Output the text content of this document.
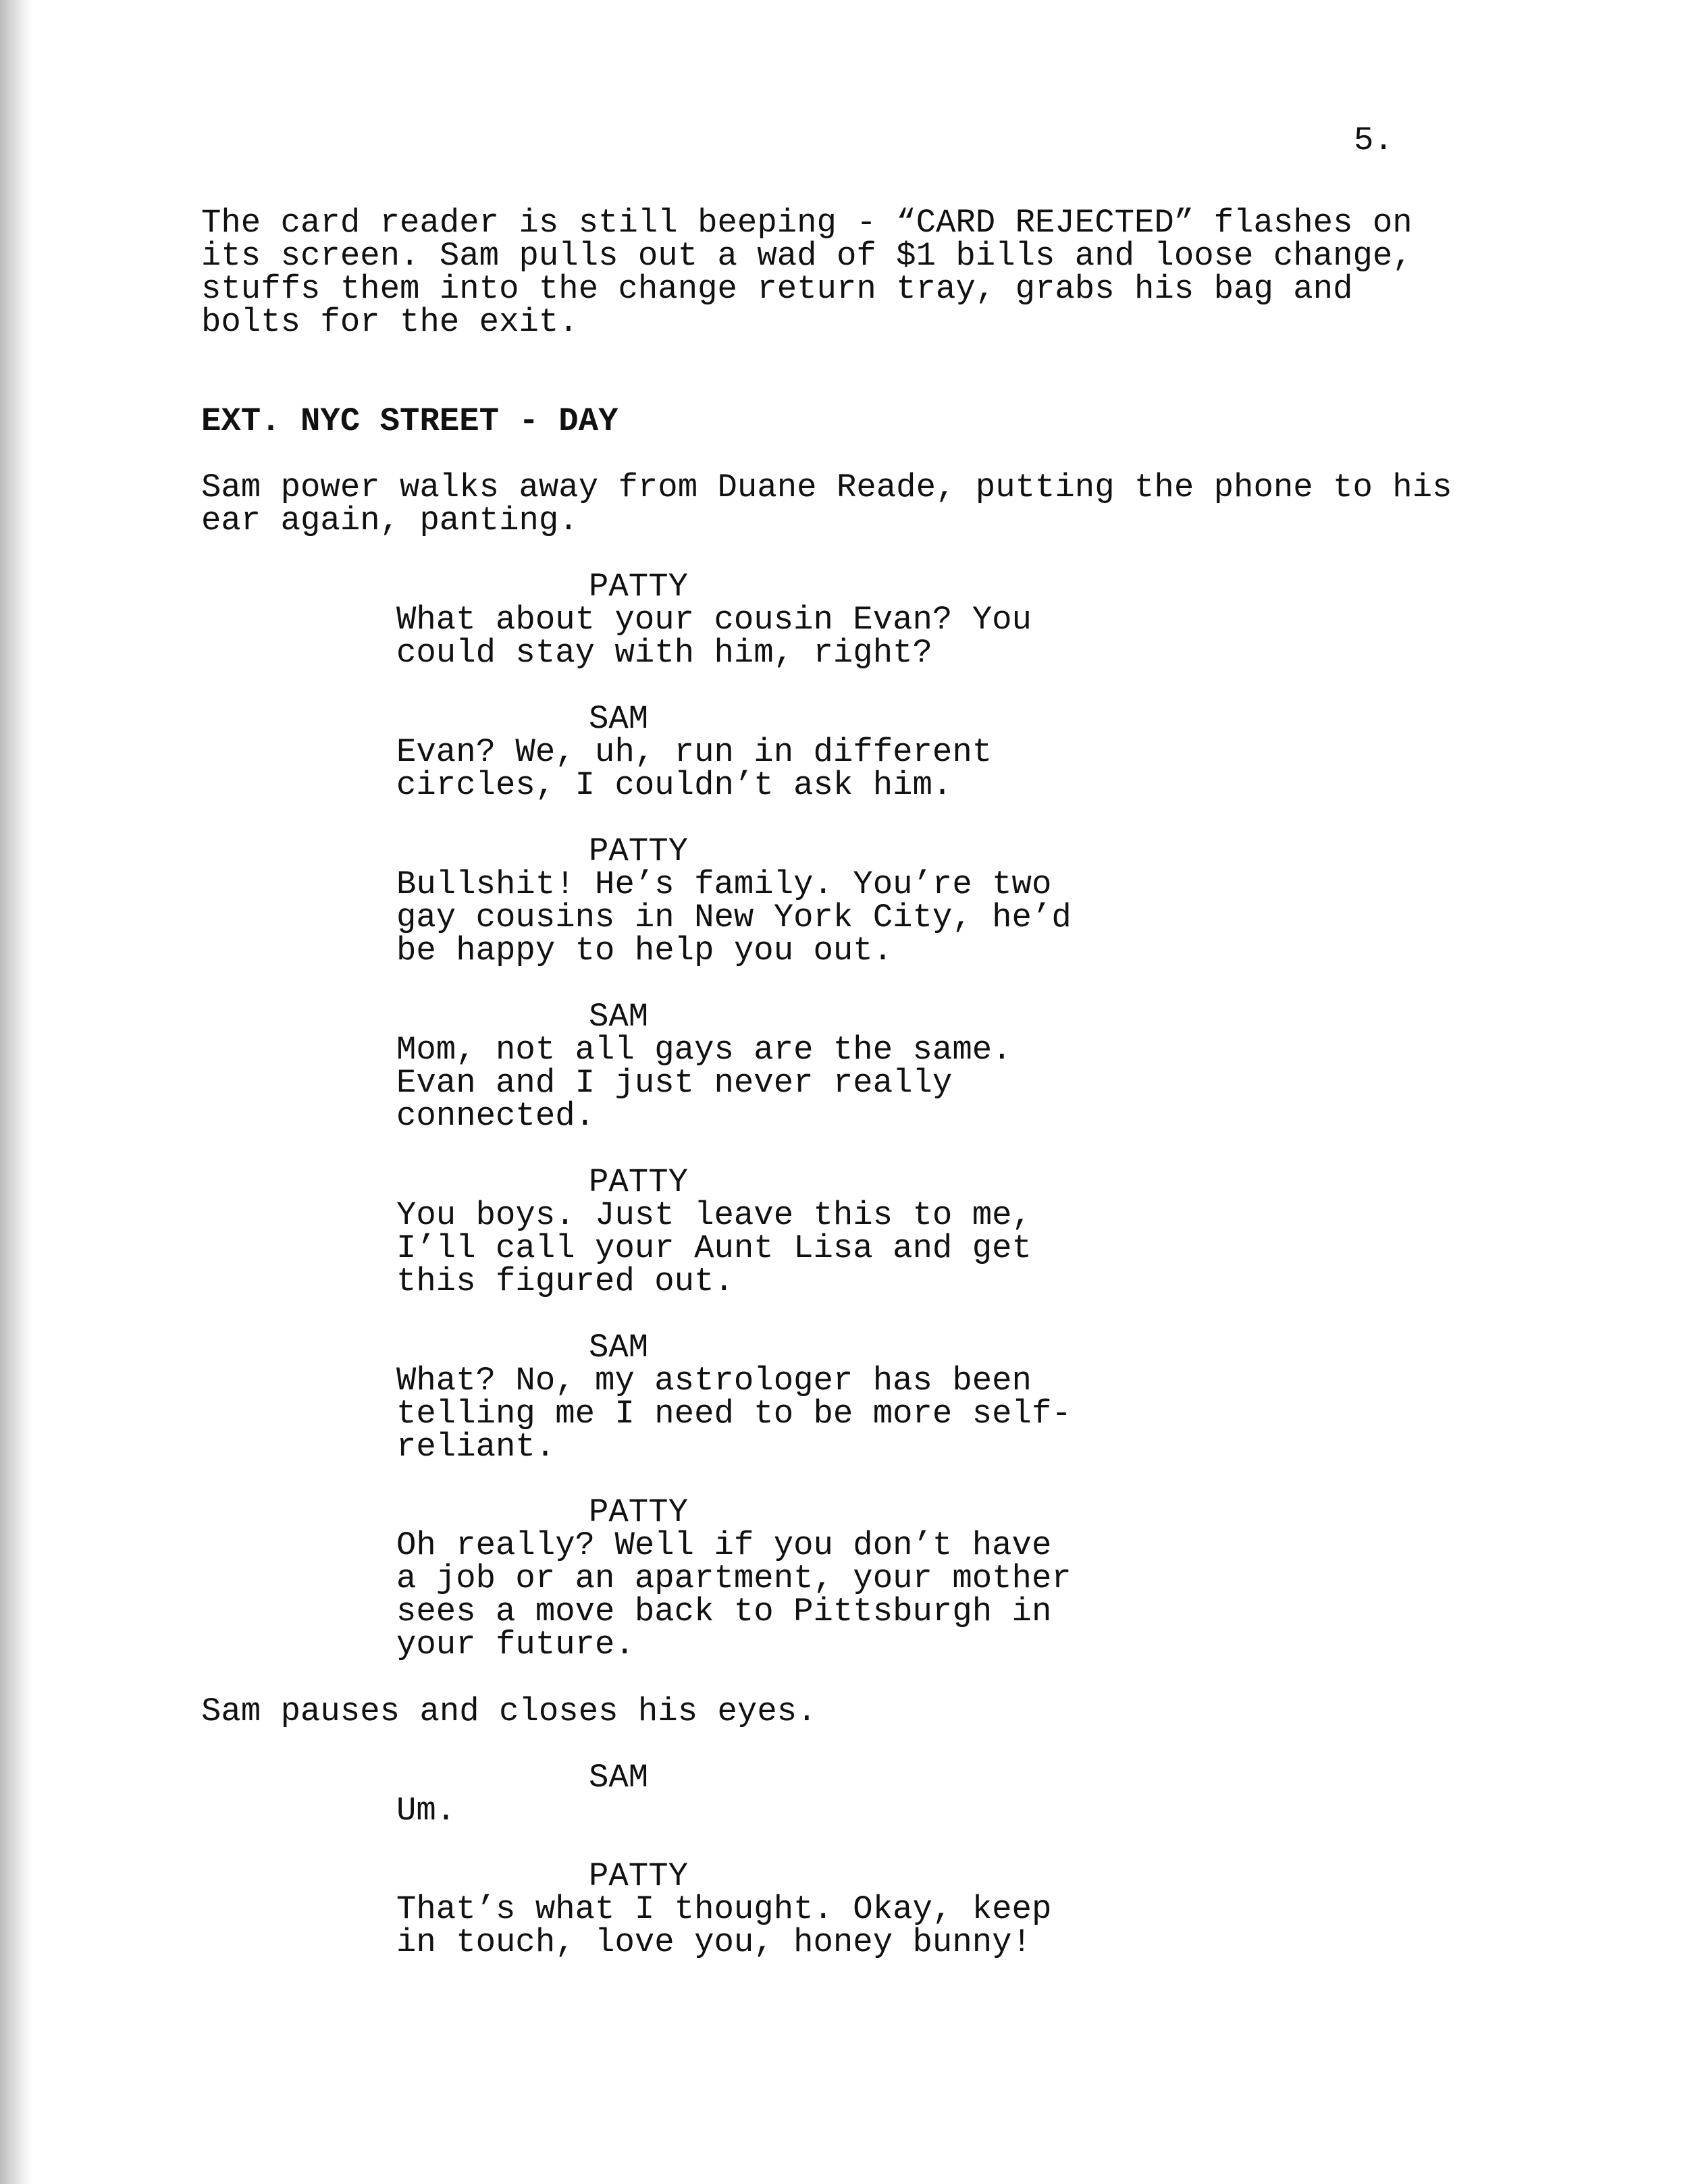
5.
The card reader is still beeping - “CARD REJECTED” flashes on
its screen. Sam pulls out a wad of $1 bills and loose change,
stuffs them into the change return tray, grabs his bag and
bolts for the exit.
EXT. NYC STREET - DAY
Sam power walks away from Duane Reade, putting the phone to his
ear again, panting.
PATTY
What about your cousin Evan? You
could stay with him, right?
SAM
Evan? We, uh, run in different
circles, I couldn’t ask him.
PATTY
Bullshit! He’s family. You’re two
gay cousins in New York City, he’d
be happy to help you out.
SAM
Mom, not all gays are the same.
Evan and I just never really
connected.
PATTY
You boys. Just leave this to me,
I’ll call your Aunt Lisa and get
this figured out.
SAM
What? No, my astrologer has been
telling me I need to be more self-
reliant.
PATTY
Oh really? Well if you don’t have
a job or an apartment, your mother
sees a move back to Pittsburgh in
your future.
Sam pauses and closes his eyes.
SAM
Um.
PATTY
That’s what I thought. Okay, keep
in touch, love you, honey bunny!
